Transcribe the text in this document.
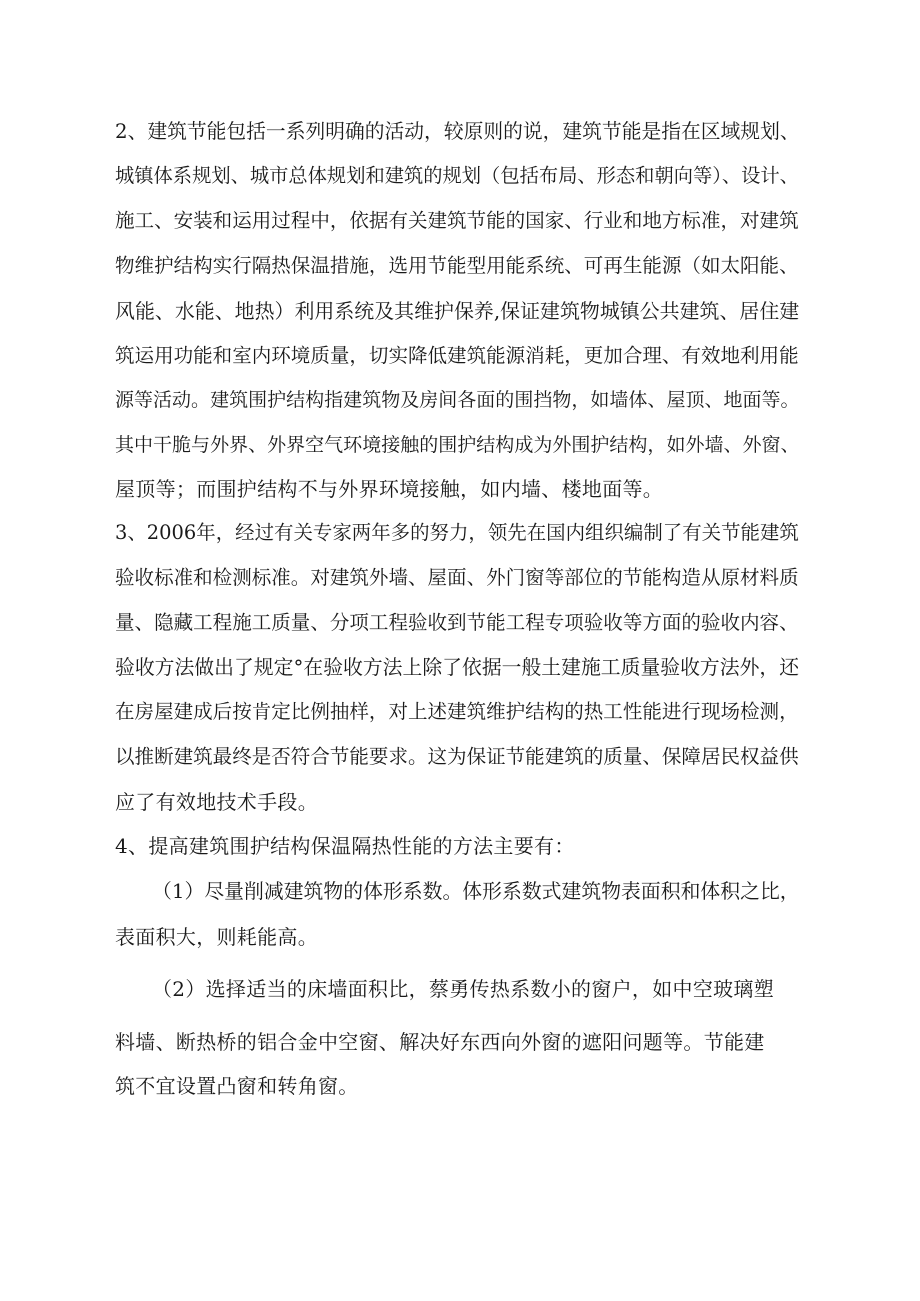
2、建筑节能包括一系列明确的活动，较原则的说，建筑节能是指在区域规划、
城镇体系规划、城市总体规划和建筑的规划（包括布局、形态和朝向等）、设计、
施工、安装和运用过程中，依据有关建筑节能的国家、行业和地方标准，对建筑
物维护结构实行隔热保温措施，选用节能型用能系统、可再生能源（如太阳能、
风能、水能、地热）利用系统及其维护保养,保证建筑物城镇公共建筑、居住建
筑运用功能和室内环境质量，切实降低建筑能源消耗，更加合理、有效地利用能
源等活动。建筑围护结构指建筑物及房间各面的围挡物，如墙体、屋顶、地面等。
其中干脆与外界、外界空气环境接触的围护结构成为外围护结构，如外墙、外窗、
屋顶等；而围护结构不与外界环境接触，如内墙、楼地面等。
3、2006年，经过有关专家两年多的努力，领先在国内组织编制了有关节能建筑
验收标准和检测标准。对建筑外墙、屋面、外门窗等部位的节能构造从原材料质
量、隐藏工程施工质量、分项工程验收到节能工程专项验收等方面的验收内容、
验收方法做出了规定°在验收方法上除了依据一般土建施工质量验收方法外，还
在房屋建成后按肯定比例抽样，对上述建筑维护结构的热工性能进行现场检测，
以推断建筑最终是否符合节能要求。这为保证节能建筑的质量、保障居民权益供
应了有效地技术手段。
4、提高建筑围护结构保温隔热性能的方法主要有：
（1）尽量削减建筑物的体形系数。体形系数式建筑物表面积和体积之比，
表面积大，则耗能高。
（2）选择适当的床墙面积比，蔡勇传热系数小的窗户，如中空玻璃塑
料墙、断热桥的铝合金中空窗、解决好东西向外窗的遮阳问题等。节能建
筑不宜设置凸窗和转角窗。
